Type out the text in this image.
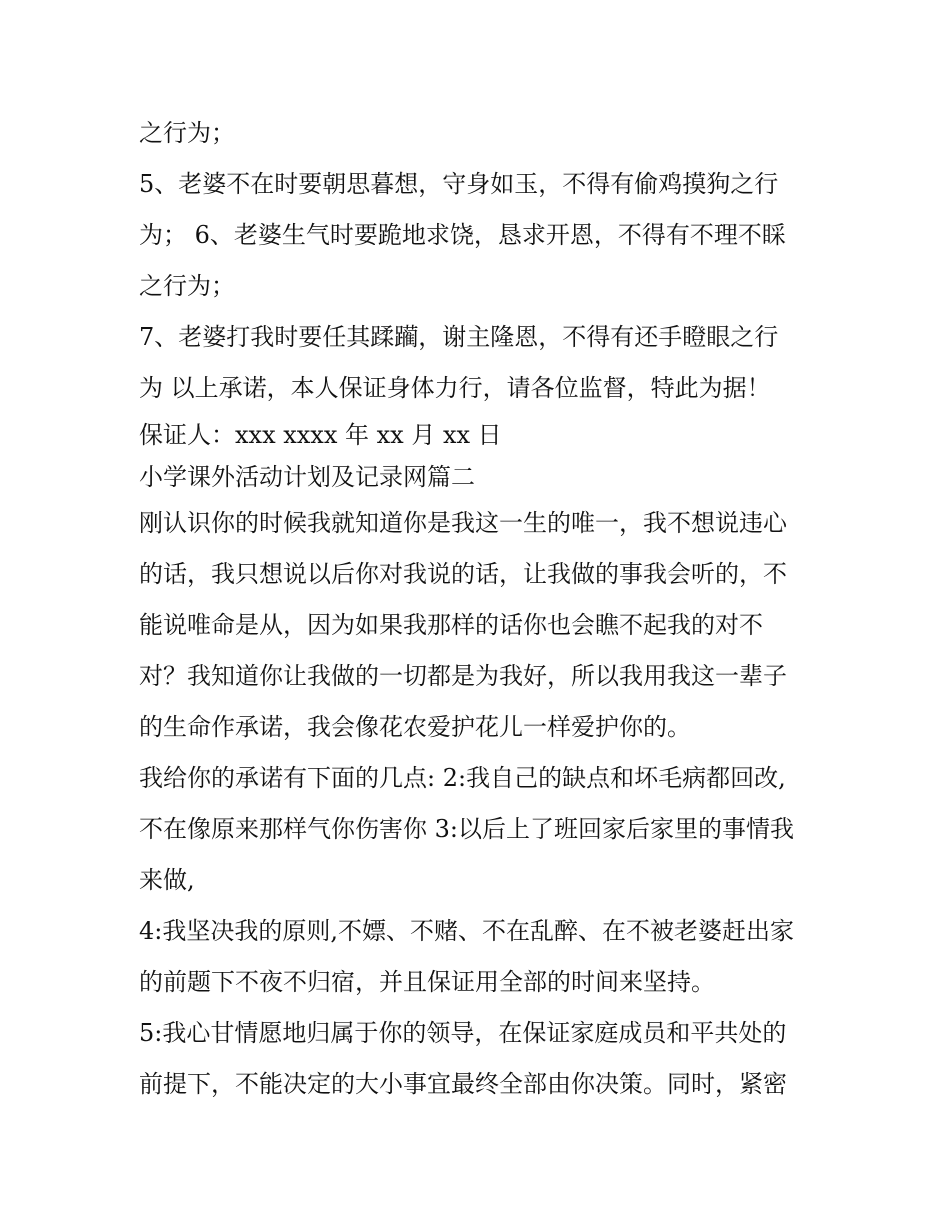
之行为；
5、老婆不在时要朝思暮想，守身如玉，不得有偷鸡摸狗之行
为； 6、老婆生气时要跪地求饶，恳求开恩，不得有不理不睬
之行为；
7、老婆打我时要任其蹂躏，谢主隆恩，不得有还手瞪眼之行
为 以上承诺，本人保证身体力行，请各位监督，特此为据！
保证人：xxx xxxx 年 xx 月 xx 日
小学课外活动计划及记录网篇二
刚认识你的时候我就知道你是我这一生的唯一，我不想说违心
的话，我只想说以后你对我说的话，让我做的事我会听的，不
能说唯命是从，因为如果我那样的话你也会瞧不起我的对不
对？我知道你让我做的一切都是为我好，所以我用我这一辈子
的生命作承诺，我会像花农爱护花儿一样爱护你的。
我给你的承诺有下面的几点: 2:我自己的缺点和坏毛病都回改,
不在像原来那样气你伤害你 3:以后上了班回家后家里的事情我
来做,
4:我坚决我的原则,不嫖、不赌、不在乱醉、在不被老婆赶出家
的前题下不夜不归宿，并且保证用全部的时间来坚持。
5:我心甘情愿地归属于你的领导，在保证家庭成员和平共处的
前提下，不能决定的大小事宜最终全部由你决策。同时，紧密
